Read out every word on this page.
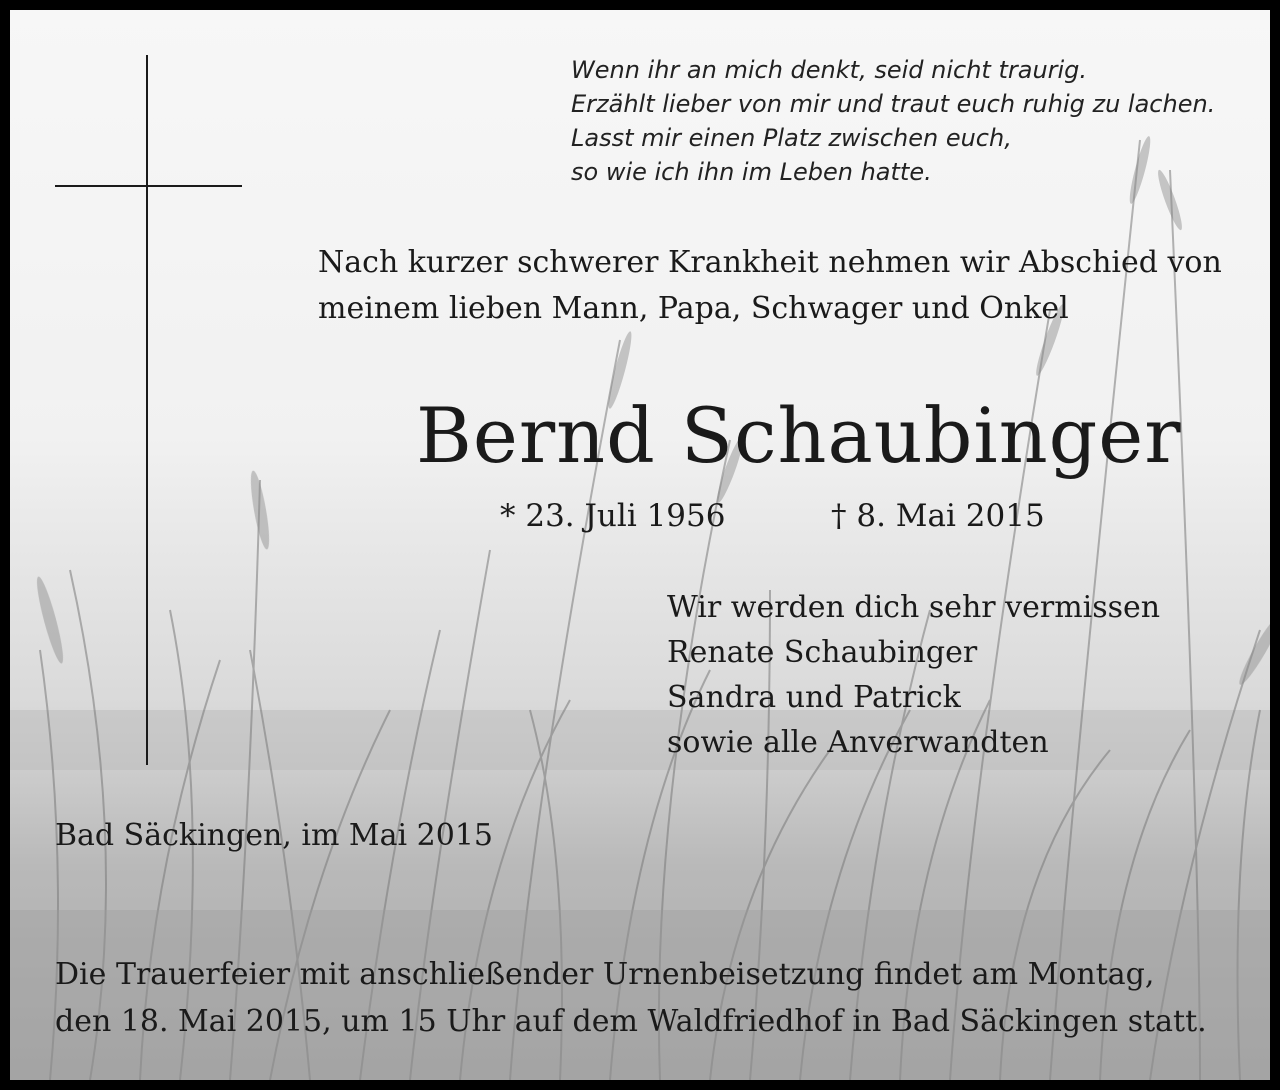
Wenn ihr an mich denkt, seid nicht traurig.
Erzählt lieber von mir und traut euch ruhig zu lachen.
Lasst mir einen Platz zwischen euch,
so wie ich ihn im Leben hatte.
Nach kurzer schwerer Krankheit nehmen wir Abschied von
meinem lieben Mann, Papa, Schwager und Onkel
Bernd Schaubinger
* 23. Juli 1956	† 8. Mai 2015
Wir werden dich sehr vermissen
Renate Schaubinger
Sandra und Patrick
sowie alle Anverwandten
Bad Säckingen, im Mai 2015
Die Trauerfeier mit anschließender Urnenbeisetzung findet am Montag,
den 18. Mai 2015, um 15 Uhr auf dem Waldfriedhof in Bad Säckingen statt.
